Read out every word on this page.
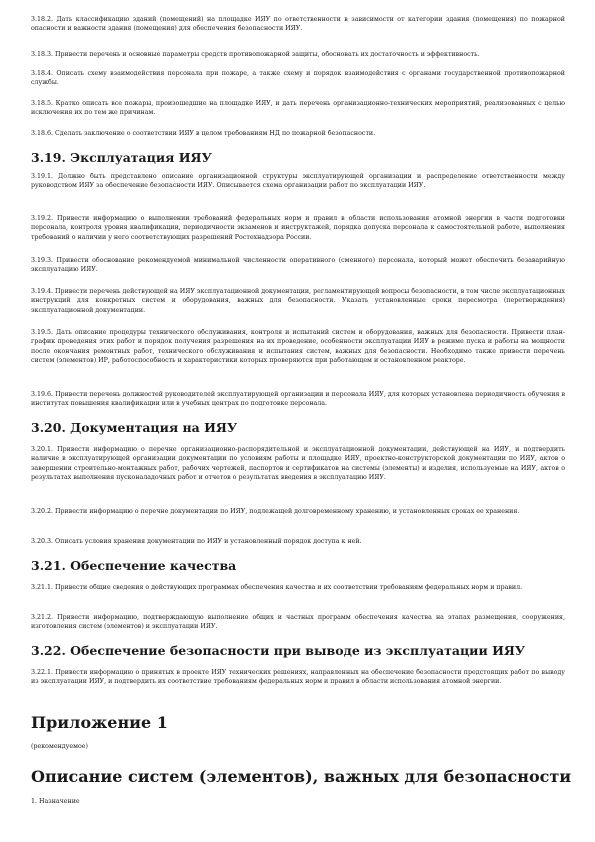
3.18.2. Дать классификацию зданий (помещений) на площадке ИЯУ по ответственности в зависимости от категории здания (помещения) по пожарной опасности и важности здания (помещения) для обеспечения безопасности ИЯУ.

3.18.3. Привести перечень и основные параметры средств противопожарной защиты, обосновать их достаточность и эффективность.

3.18.4. Описать схему взаимодействия персонала при пожаре, а также схему и порядок взаимодействия с органами государственной противопожарной службы.

3.18.5. Кратко описать все пожары, произошедшие на площадке ИЯУ, и дать перечень организационно-технических мероприятий, реализованных с целью исключения их по тем же причинам.

3.18.6. Сделать заключение о соответствии ИЯУ в целом требованиям НД по пожарной безопасности.

3.19. Эксплуатация ИЯУ

3.19.1. Должно быть представлено описание организационной структуры эксплуатирующей организации и распределение ответственности между руководством ИЯУ за обеспечение безопасности ИЯУ. Описывается схема организации работ по эксплуатации ИЯУ.

3.19.2. Привести информацию о выполнении требований федеральных норм и правил в области использования атомной энергии в части подготовки персонала, контроля уровня квалификации, периодичности экзаменов и инструктажей, порядка допуска персонала к самостоятельной работе, выполнения требований о наличии у него соответствующих разрешений Ростехнадзора России.

3.19.3. Привести обоснование рекомендуемой минимальной численности оперативного (сменного) персонала, который может обеспечить безаварийную эксплуатацию ИЯУ.

3.19.4. Привести перечень действующей на ИЯУ эксплуатационной документации, регламентирующей вопросы безопасности, в том числе эксплуатационных инструкций для конкретных систем и оборудования, важных для безопасности. Указать установленные сроки пересмотра (перетверждения) эксплуатационной документации.

3.19.5. Дать описание процедуры технического обслуживания, контроля и испытаний систем и оборудования, важных для безопасности. Привести план-график проведения этих работ и порядок получения разрешения на их проведение, особенности эксплуатации ИЯУ в режиме пуска и работы на мощности после окончания ремонтных работ, технического обслуживания и испытания систем, важных для безопасности. Необходимо также привести перечень систем (элементов) ИР, работоспособность и характеристики которых проверяются при работающем и остановленном реакторе.

3.19.6. Привести перечень должностей руководителей эксплуатирующей организации и персонала ИЯУ, для которых установлена периодичность обучения в институтах повышения квалификации или в учебных центрах по подготовке персонала.

3.20. Документация на ИЯУ

3.20.1. Привести информацию о перечне организационно-распорядительной и эксплуатационной документации, действующей на ИЯУ, и подтвердить наличие в эксплуатирующей организации документации по условиям работы и площадке ИЯУ, проектно-конструкторской документации по ИЯУ, актов о завершении строительно-монтажных работ, рабочих чертежей, паспортов и сертификатов на системы (элементы) и изделия, используемые на ИЯУ, актов о результатах выполнения пусконаладочных работ и отчетов о результатах введения в эксплуатацию ИЯУ.

3.20.2. Привести информацию о перечне документации по ИЯУ, подлежащей долговременному хранению, и установленных сроках ее хранения.

3.20.3. Описать условия хранения документации по ИЯУ и установленный порядок доступа к ней.

3.21. Обеспечение качества

3.21.1. Привести общие сведения о действующих программах обеспечения качества и их соответствии требованиям федеральных норм и правил.

3.21.2. Привести информацию, подтверждающую выполнение общих и частных программ обеспечения качества на этапах размещения, сооружения, изготовления систем (элементов) и эксплуатации ИЯУ.

3.22. Обеспечение безопасности при выводе из эксплуатации ИЯУ

3.22.1. Привести информацию о принятых в проекте ИЯУ технических решениях, направленных на обеспечение безопасности предстоящих работ по выводу из эксплуатации ИЯУ, и подтвердить их соответствие требованиям федеральных норм и правил в области использования атомной энергии.

Приложение 1

(рекомендуемое)

Описание систем (элементов), важных для безопасности

1. Назначение
